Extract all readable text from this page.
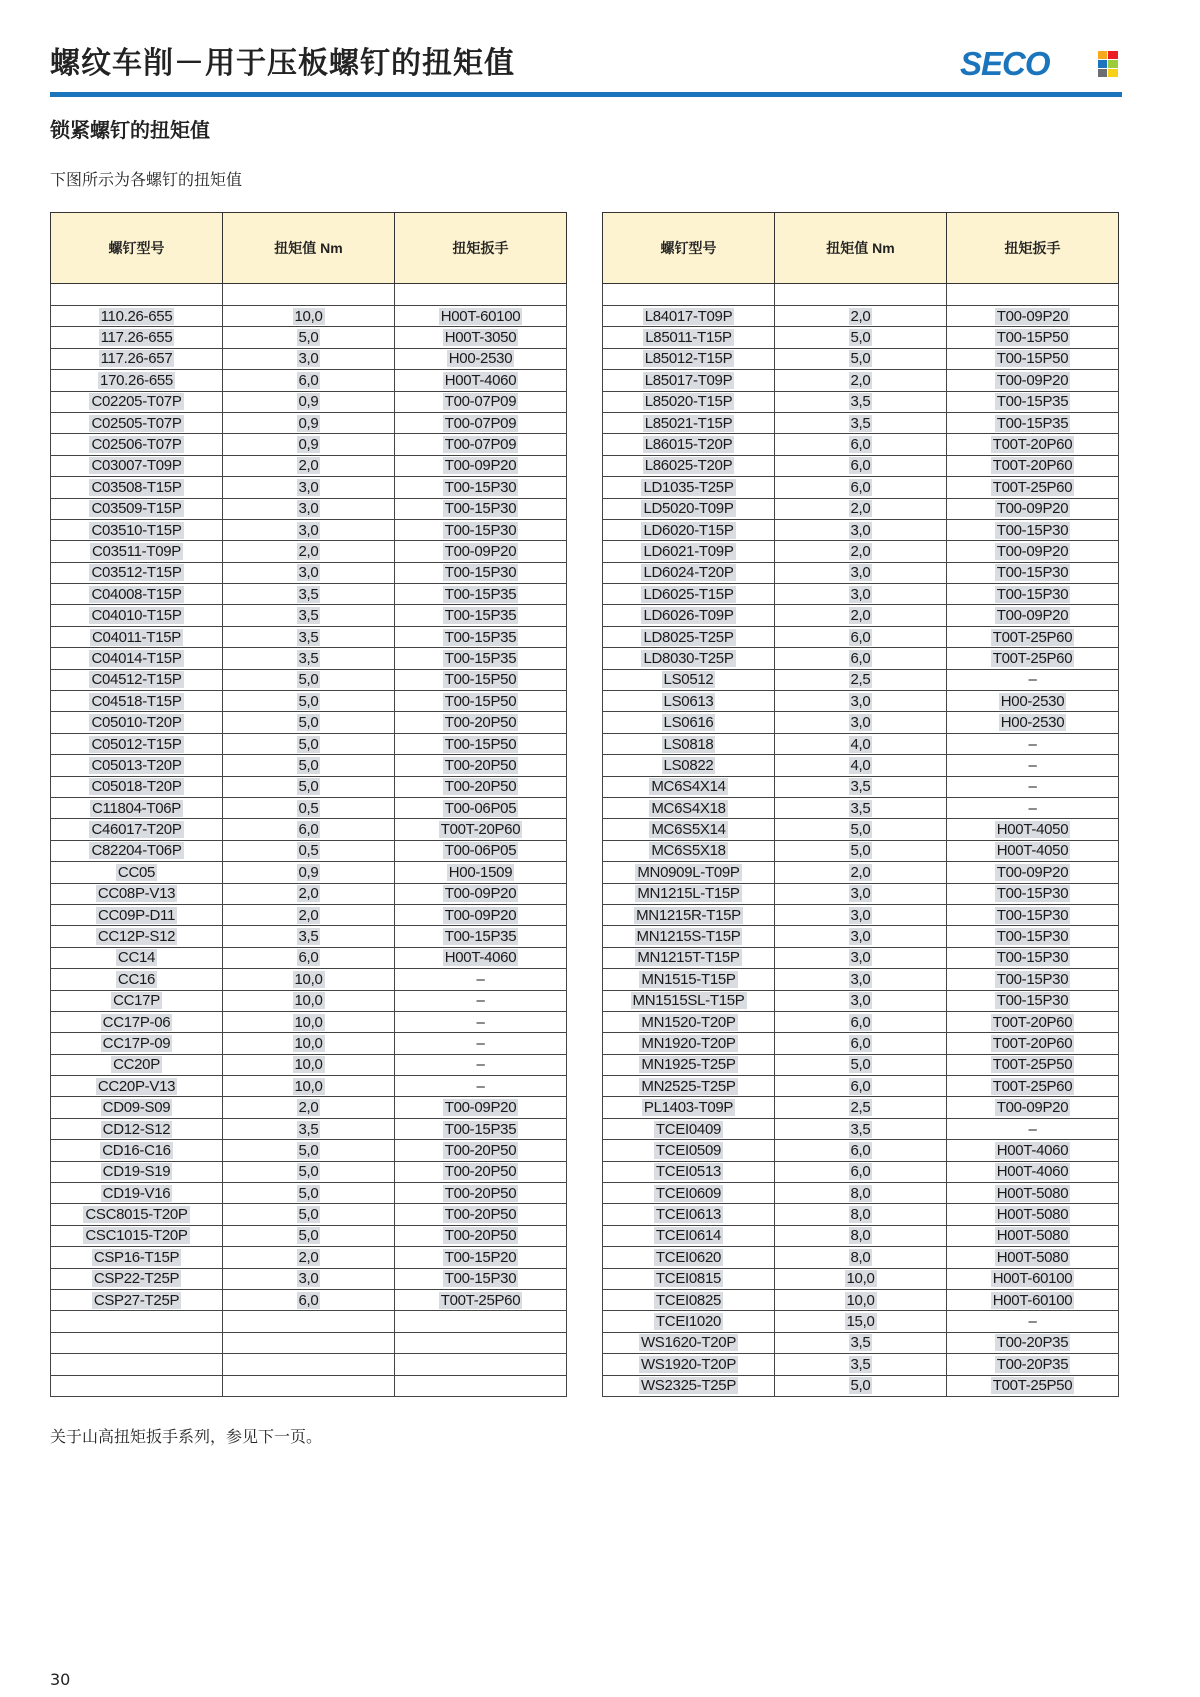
螺纹车削－用于压板螺钉的扭矩值	SECO
锁紧螺钉的扭矩值
下图所示为各螺钉的扭矩值
螺钉型号	扭矩值 Nm	扭矩扳手

110.26-655	10,0	H00T-60100
117.26-655	5,0	H00T-3050
117.26-657	3,0	H00-2530
170.26-655	6,0	H00T-4060
C02205-T07P	0,9	T00-07P09
C02505-T07P	0,9	T00-07P09
C02506-T07P	0,9	T00-07P09
C03007-T09P	2,0	T00-09P20
C03508-T15P	3,0	T00-15P30
C03509-T15P	3,0	T00-15P30
C03510-T15P	3,0	T00-15P30
C03511-T09P	2,0	T00-09P20
C03512-T15P	3,0	T00-15P30
C04008-T15P	3,5	T00-15P35
C04010-T15P	3,5	T00-15P35
C04011-T15P	3,5	T00-15P35
C04014-T15P	3,5	T00-15P35
C04512-T15P	5,0	T00-15P50
C04518-T15P	5,0	T00-15P50
C05010-T20P	5,0	T00-20P50
C05012-T15P	5,0	T00-15P50
C05013-T20P	5,0	T00-20P50
C05018-T20P	5,0	T00-20P50
C11804-T06P	0,5	T00-06P05
C46017-T20P	6,0	T00T-20P60
C82204-T06P	0,5	T00-06P05
CC05	0,9	H00-1509
CC08P-V13	2,0	T00-09P20
CC09P-D11	2,0	T00-09P20
CC12P-S12	3,5	T00-15P35
CC14	6,0	H00T-4060
CC16	10,0	–
CC17P	10,0	–
CC17P-06	10,0	–
CC17P-09	10,0	–
CC20P	10,0	–
CC20P-V13	10,0	–
CD09-S09	2,0	T00-09P20
CD12-S12	3,5	T00-15P35
CD16-C16	5,0	T00-20P50
CD19-S19	5,0	T00-20P50
CD19-V16	5,0	T00-20P50
CSC8015-T20P	5,0	T00-20P50
CSC1015-T20P	5,0	T00-20P50
CSP16-T15P	2,0	T00-15P20
CSP22-T25P	3,0	T00-15P30
CSP27-T25P	6,0	T00T-25P60

螺钉型号	扭矩值 Nm	扭矩扳手

L84017-T09P	2,0	T00-09P20
L85011-T15P	5,0	T00-15P50
L85012-T15P	5,0	T00-15P50
L85017-T09P	2,0	T00-09P20
L85020-T15P	3,5	T00-15P35
L85021-T15P	3,5	T00-15P35
L86015-T20P	6,0	T00T-20P60
L86025-T20P	6,0	T00T-20P60
LD1035-T25P	6,0	T00T-25P60
LD5020-T09P	2,0	T00-09P20
LD6020-T15P	3,0	T00-15P30
LD6021-T09P	2,0	T00-09P20
LD6024-T20P	3,0	T00-15P30
LD6025-T15P	3,0	T00-15P30
LD6026-T09P	2,0	T00-09P20
LD8025-T25P	6,0	T00T-25P60
LD8030-T25P	6,0	T00T-25P60
LS0512	2,5	–
LS0613	3,0	H00-2530
LS0616	3,0	H00-2530
LS0818	4,0	–
LS0822	4,0	–
MC6S4X14	3,5	–
MC6S4X18	3,5	–
MC6S5X14	5,0	H00T-4050
MC6S5X18	5,0	H00T-4050
MN0909L-T09P	2,0	T00-09P20
MN1215L-T15P	3,0	T00-15P30
MN1215R-T15P	3,0	T00-15P30
MN1215S-T15P	3,0	T00-15P30
MN1215T-T15P	3,0	T00-15P30
MN1515-T15P	3,0	T00-15P30
MN1515SL-T15P	3,0	T00-15P30
MN1520-T20P	6,0	T00T-20P60
MN1920-T20P	6,0	T00T-20P60
MN1925-T25P	5,0	T00T-25P50
MN2525-T25P	6,0	T00T-25P60
PL1403-T09P	2,5	T00-09P20
TCEI0409	3,5	–
TCEI0509	6,0	H00T-4060
TCEI0513	6,0	H00T-4060
TCEI0609	8,0	H00T-5080
TCEI0613	8,0	H00T-5080
TCEI0614	8,0	H00T-5080
TCEI0620	8,0	H00T-5080
TCEI0815	10,0	H00T-60100
TCEI0825	10,0	H00T-60100
TCEI1020	15,0	–
WS1620-T20P	3,5	T00-20P35
WS1920-T20P	3,5	T00-20P35
WS2325-T25P	5,0	T00T-25P50
关于山高扭矩扳手系列，参见下一页。
30
